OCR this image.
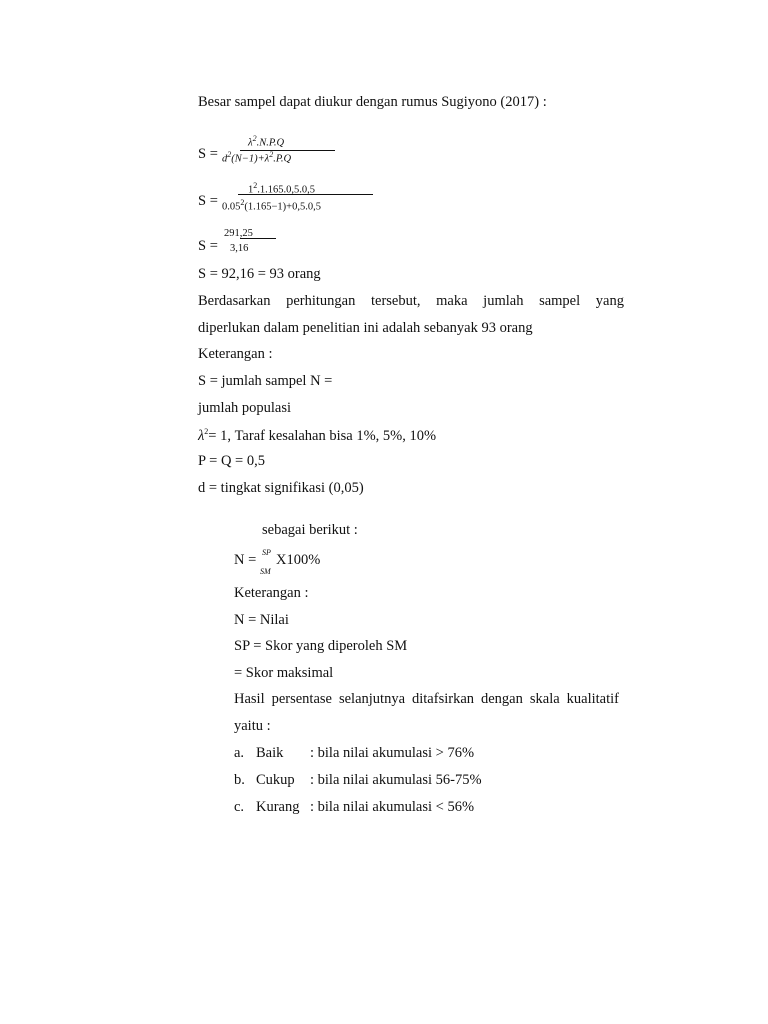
Besar sampel dapat diukur dengan rumus Sugiyono (2017) :
S =
$\lambda^2.N.P.Q$
$d^2(N-1)+\lambda^2.P.Q$
S =
$1^2.1.165.0,5.0,5$
$0.05^2(1.165-1)+0,5.0,5$
S =
291,25
3,16
S = 92,16 = 93 orang
Berdasarkan perhitungan tersebut, maka jumlah sampel yang
diperlukan dalam penelitian ini adalah sebanyak 93 orang
Keterangan :
S = jumlah sampel N =
jumlah populasi
$\lambda^2= 1$, Taraf kesalahan bisa 1%, 5%, 10%
P = Q = 0,5
d = tingkat signifikasi (0,05)
sebagai berikut :
N = SP
SM
X100%
Keterangan :
N = Nilai
SP = Skor yang diperoleh SM
= Skor maksimal
Hasil persentase selanjutnya ditafsirkan dengan skala kualitatif
yaitu :
a. Baik	: bila nilai akumulasi > 76%
b. Cukup	: bila nilai akumulasi 56-75%
c. Kurang : bila nilai akumulasi < 56%
